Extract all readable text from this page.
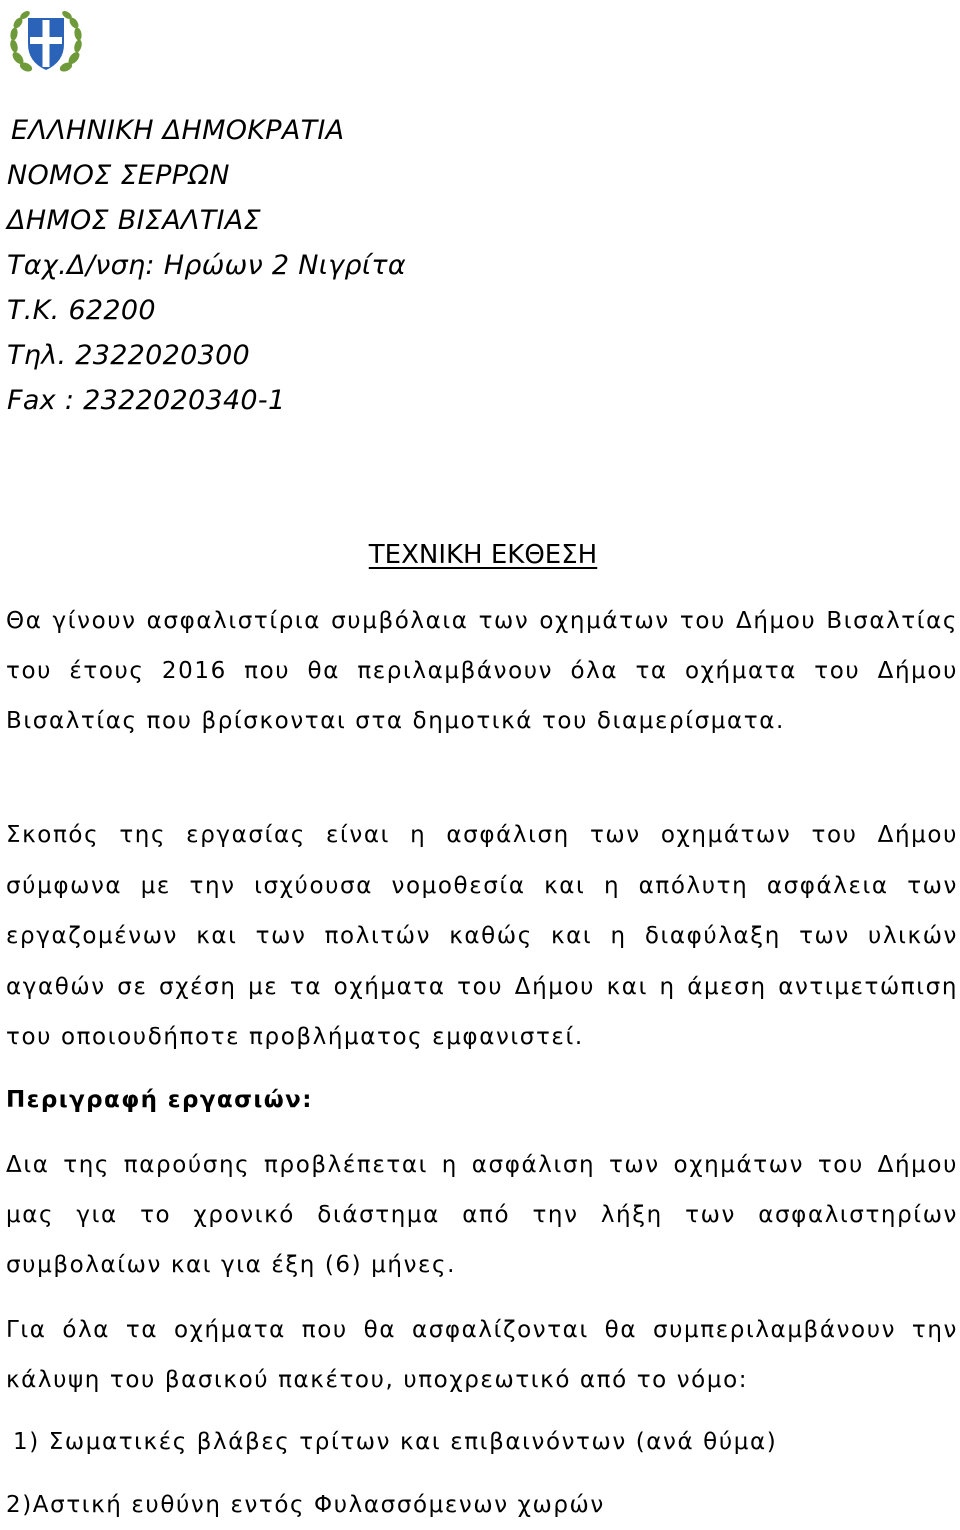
ΕΛΛΗΝΙΚΗ ΔΗΜΟΚΡΑΤΙΑ
ΝΟΜΟΣ ΣΕΡΡΩΝ
ΔΗΜΟΣ ΒΙΣΑΛΤΙΑΣ
Ταχ.Δ/νση: Ηρώων 2 Νιγρίτα
Τ.Κ. 62200
Τηλ. 2322020300
Fax : 2322020340-1
ΤΕΧΝΙΚΗ ΕΚΘΕΣΗ

Θα γίνουν ασφαλιστίρια συμβόλαια των οχημάτων του Δήμου Βισαλτίας του έτους 2016 που θα περιλαμβάνουν όλα τα οχήματα του Δήμου Βισαλτίας που βρίσκονται στα δημοτικά του διαμερίσματα.

Σκοπός της εργασίας είναι η ασφάλιση των οχημάτων του Δήμου σύμφωνα με την ισχύουσα νομοθεσία και η απόλυτη ασφάλεια των εργαζομένων και των πολιτών καθώς και η διαφύλαξη των υλικών αγαθών σε σχέση με τα οχήματα του Δήμου και η άμεση αντιμετώπιση του οποιουδήποτε προβλήματος εμφανιστεί.

Περιγραφή εργασιών:

Δια της παρούσης προβλέπεται η ασφάλιση των οχημάτων του Δήμου μας για το χρονικό διάστημα από την λήξη των ασφαλιστηρίων συμβολαίων και για έξη (6) μήνες.

Για όλα τα οχήματα που θα ασφαλίζονται θα συμπεριλαμβάνουν την κάλυψη του βασικού πακέτου, υποχρεωτικό από το νόμο:

1) Σωματικές βλάβες τρίτων και επιβαινόντων (ανά θύμα)

2)Αστική ευθύνη εντός Φυλασσόμενων χωρών
